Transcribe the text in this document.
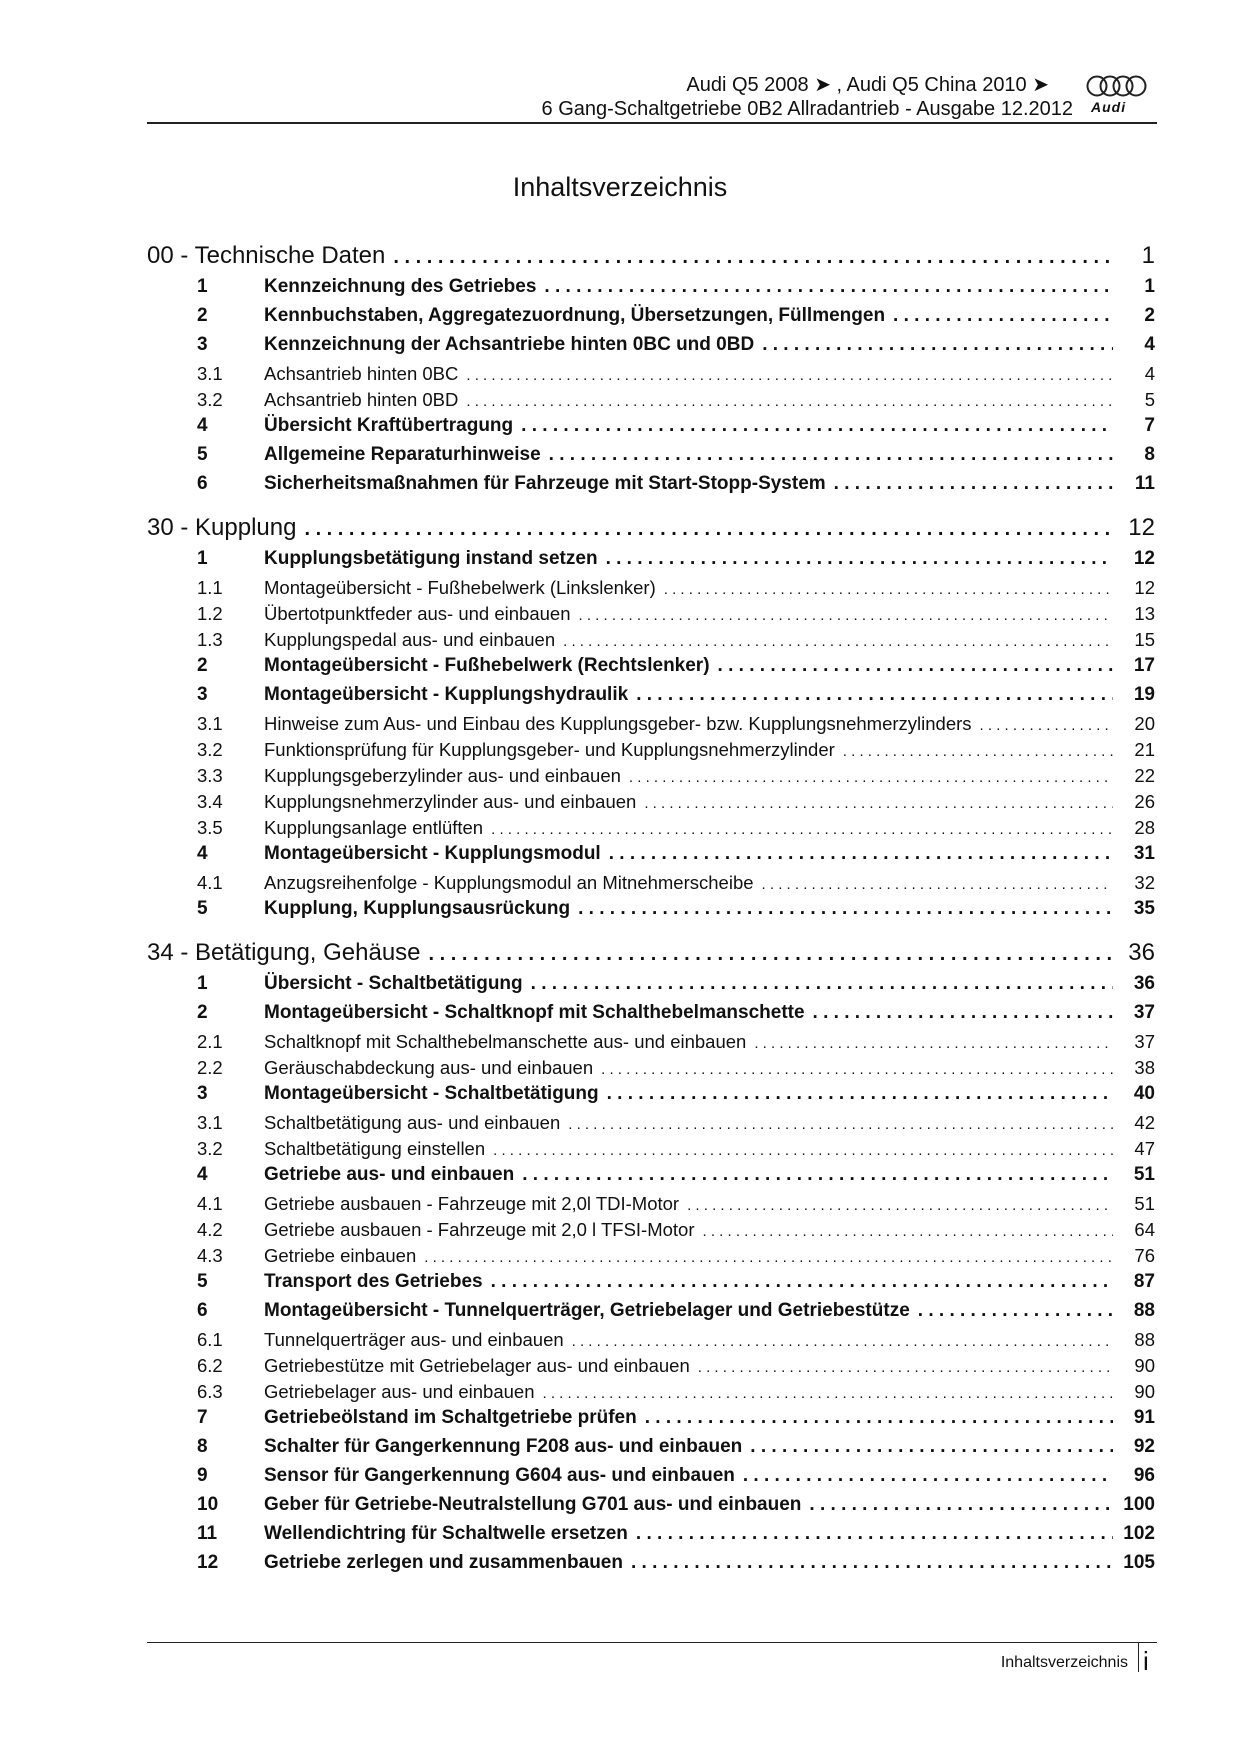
Audi Q5 2008 ➤ , Audi Q5 China 2010 ➤
6 Gang-Schaltgetriebe 0B2 Allradantrieb - Ausgabe 12.2012 Audi
Inhaltsverzeichnis
00 - Technische Daten . . .	1
1	Kennzeichnung des Getriebes . . .	1
2	Kennbuchstaben, Aggregatezuordnung, Übersetzungen, Füllmengen . . .	2
3	Kennzeichnung der Achsantriebe hinten 0BC und 0BD . . .	4
3.1	Achsantrieb hinten 0BC . . .	4
3.2	Achsantrieb hinten 0BD . . .	5
4	Übersicht Kraftübertragung . . .	7
5	Allgemeine Reparaturhinweise . . .	8
6	Sicherheitsmaßnahmen für Fahrzeuge mit Start-Stopp-System . . .	11
30 - Kupplung . . .	12
1	Kupplungsbetätigung instand setzen . . .	12
1.1	Montageübersicht - Fußhebelwerk (Linkslenker) . . .	12
1.2	Übertotpunktfeder aus- und einbauen . . .	13
1.3	Kupplungspedal aus- und einbauen . . .	15
2	Montageübersicht - Fußhebelwerk (Rechtslenker) . . .	17
3	Montageübersicht - Kupplungshydraulik . . .	19
3.1	Hinweise zum Aus- und Einbau des Kupplungsgeber- bzw. Kupplungsnehmerzylinders . . .	20
3.2	Funktionsprüfung für Kupplungsgeber- und Kupplungsnehmerzylinder . . .	21
3.3	Kupplungsgeberzylinder aus- und einbauen . . .	22
3.4	Kupplungsnehmerzylinder aus- und einbauen . . .	26
3.5	Kupplungsanlage entlüften . . .	28
4	Montageübersicht - Kupplungsmodul . . .	31
4.1	Anzugsreihenfolge - Kupplungsmodul an Mitnehmerscheibe . . .	32
5	Kupplung, Kupplungsausrückung . . .	35
34 - Betätigung, Gehäuse . . .	36
1	Übersicht - Schaltbetätigung . . .	36
2	Montageübersicht - Schaltknopf mit Schalthebelmanschette . . .	37
2.1	Schaltknopf mit Schalthebelmanschette aus- und einbauen . . .	37
2.2	Geräuschabdeckung aus- und einbauen . . .	38
3	Montageübersicht - Schaltbetätigung . . .	40
3.1	Schaltbetätigung aus- und einbauen . . .	42
3.2	Schaltbetätigung einstellen . . .	47
4	Getriebe aus- und einbauen . . .	51
4.1	Getriebe ausbauen - Fahrzeuge mit 2,0l TDI-Motor . . .	51
4.2	Getriebe ausbauen - Fahrzeuge mit 2,0 l TFSI-Motor . . .	64
4.3	Getriebe einbauen . . .	76
5	Transport des Getriebes . . .	87
6	Montageübersicht - Tunnelquerträger, Getriebelager und Getriebestütze . . .	88
6.1	Tunnelquerträger aus- und einbauen . . .	88
6.2	Getriebestütze mit Getriebelager aus- und einbauen . . .	90
6.3	Getriebelager aus- und einbauen . . .	90
7	Getriebeölstand im Schaltgetriebe prüfen . . .	91
8	Schalter für Gangerkennung F208 aus- und einbauen . . .	92
9	Sensor für Gangerkennung G604 aus- und einbauen . . .	96
10	Geber für Getriebe-Neutralstellung G701 aus- und einbauen . . .	100
11	Wellendichtring für Schaltwelle ersetzen . . .	102
12	Getriebe zerlegen und zusammenbauen . . .	105
Inhaltsverzeichnis i
